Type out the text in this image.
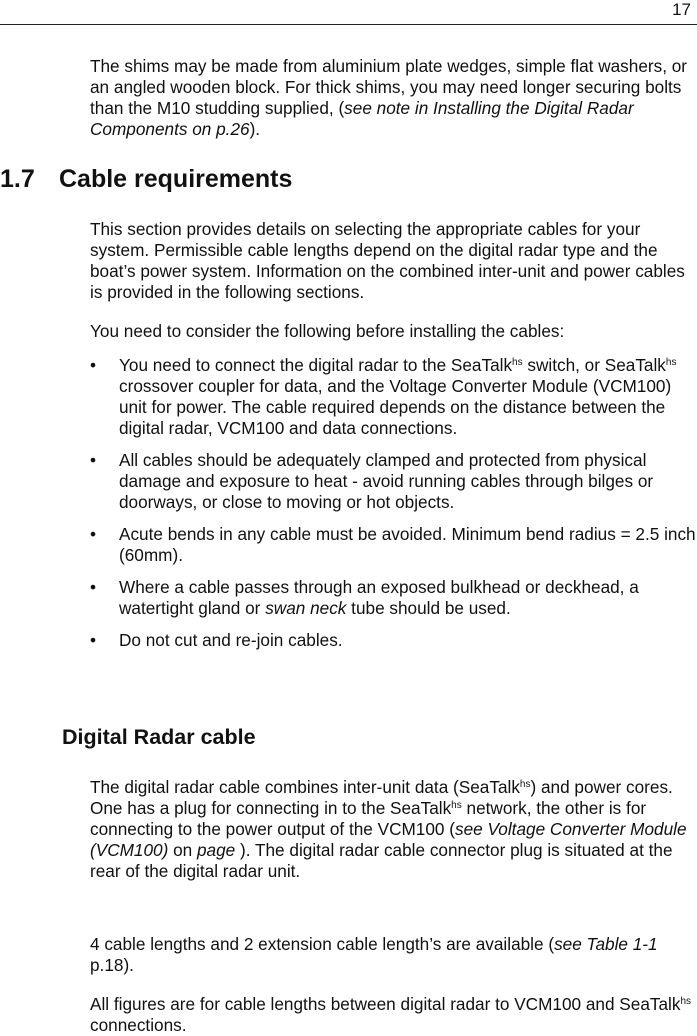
17

The shims may be made from aluminium plate wedges, simple flat washers, or an angled wooden block. For thick shims, you may need longer securing bolts than the M10 studding supplied, (see note in Installing the Digital Radar Components on p.26).

1.7 Cable requirements

This section provides details on selecting the appropriate cables for your system. Permissible cable lengths depend on the digital radar type and the boat’s power system. Information on the combined inter-unit and power cables is provided in the following sections.

You need to consider the following before installing the cables:

• You need to connect the digital radar to the SeaTalk$^{hs}$ switch, or SeaTalk$^{hs}$ crossover coupler for data, and the Voltage Converter Module (VCM100) unit for power. The cable required depends on the distance between the digital radar, VCM100 and data connections.
• All cables should be adequately clamped and protected from physical damage and exposure to heat - avoid running cables through bilges or doorways, or close to moving or hot objects.
• Acute bends in any cable must be avoided. Minimum bend radius = 2.5 inch (60mm).
• Where a cable passes through an exposed bulkhead or deckhead, a watertight gland or swan neck tube should be used.
• Do not cut and re-join cables.
Digital Radar cable

The digital radar cable combines inter-unit data (SeaTalk$^{hs}$) and power cores. One has a plug for connecting in to the SeaTalk$^{hs}$ network, the other is for connecting to the power output of the VCM100 (see Voltage Converter Module (VCM100) on page ). The digital radar cable connector plug is situated at the rear of the digital radar unit.

4 cable lengths and 2 extension cable length’s are available (see Table 1-1 p.18).

All figures are for cable lengths between digital radar to VCM100 and SeaTalk$^{hs}$ connections.
